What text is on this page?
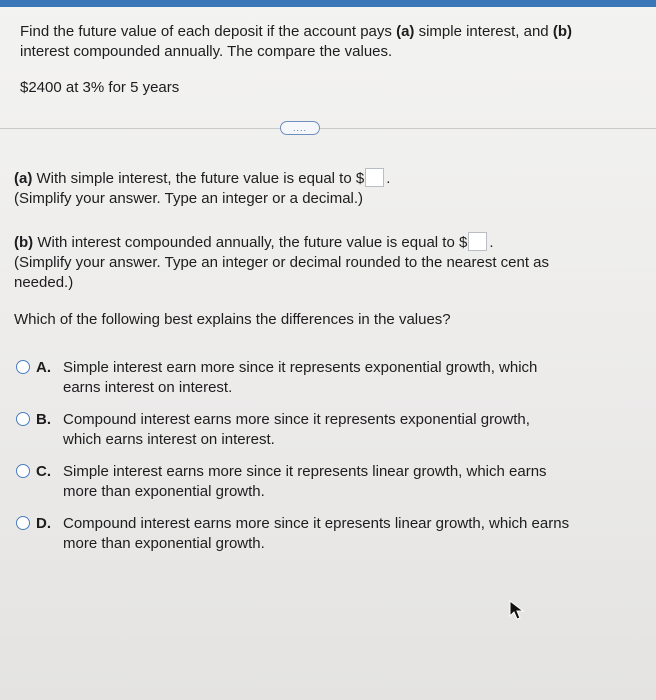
Find the future value of each deposit if the account pays (a) simple interest, and (b)
interest compounded annually. The compare the values.
$2400 at 3% for 5 years
....
(a) With simple interest, the future value is equal to $ .
(Simplify your answer. Type an integer or a decimal.)
(b) With interest compounded annually, the future value is equal to $ .
(Simplify your answer. Type an integer or decimal rounded to the nearest cent as
needed.)
Which of the following best explains the differences in the values?
A. Simple interest earn more since it represents exponential growth, which
earns interest on interest.
B. Compound interest earns more since it represents exponential growth,
which earns interest on interest.
C. Simple interest earns more since it represents linear growth, which earns
more than exponential growth.
D. Compound interest earns more since it epresents linear growth, which earns
more than exponential growth.
